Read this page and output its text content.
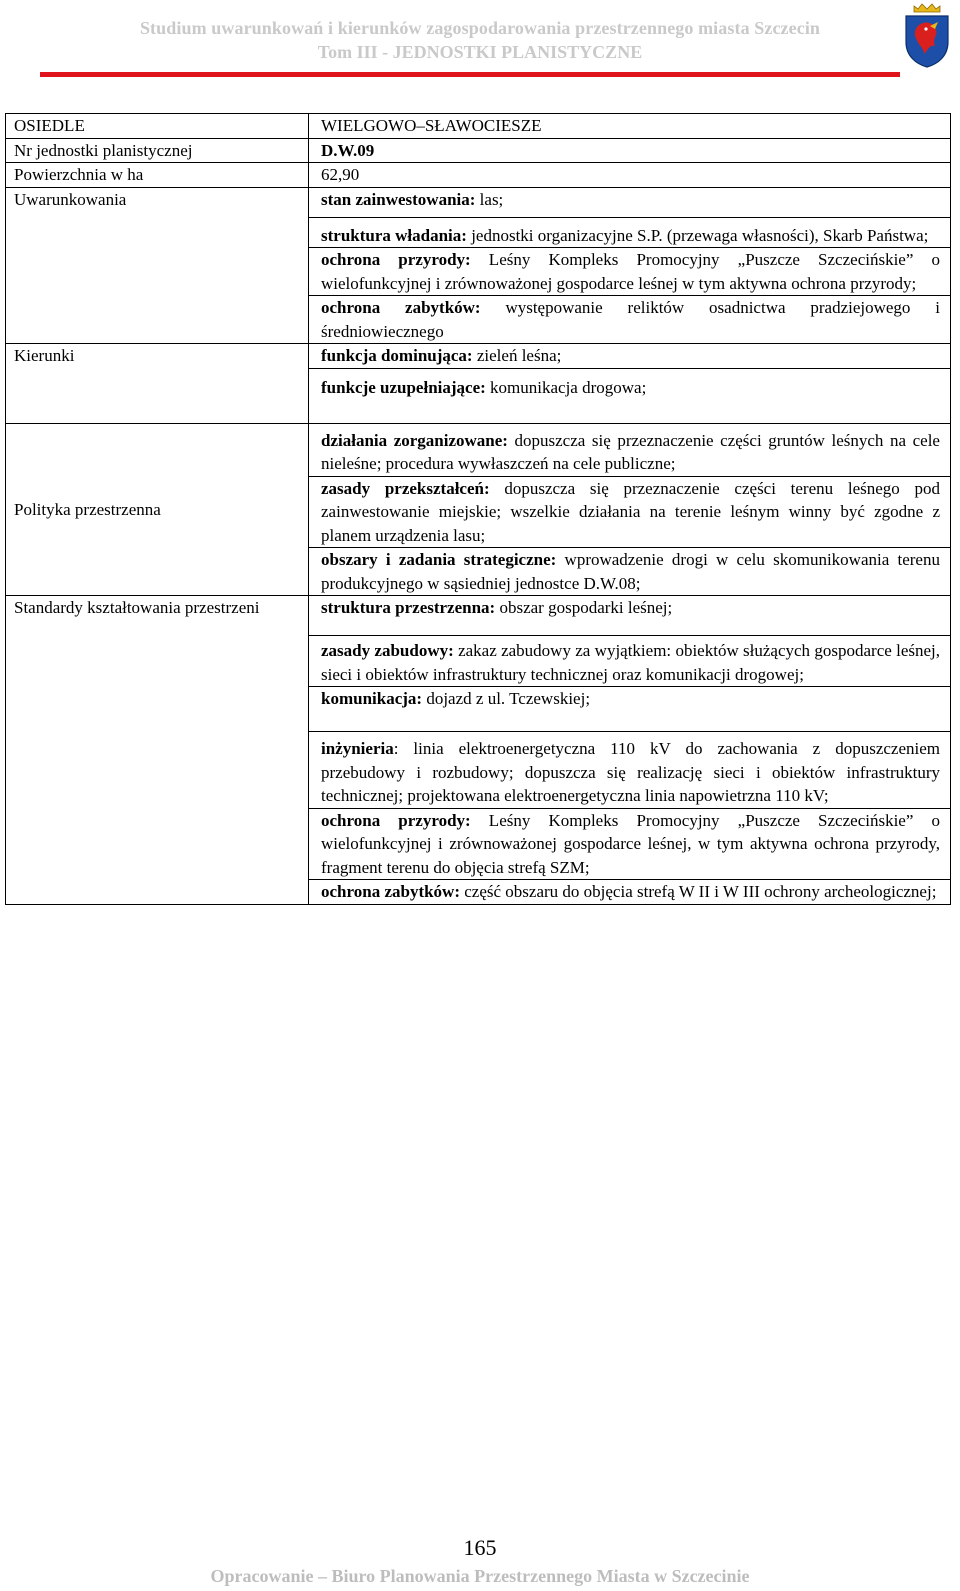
Studium uwarunkowań i kierunków zagospodarowania przestrzennego miasta Szczecin
Tom III - JEDNOSTKI PLANISTYCZNE
OSIEDLE	WIELGOWO–SŁAWOCIESZE
Nr jednostki planistycznej	D.W.09
Powierzchnia w ha	62,90
Uwarunkowania	stan zainwestowania: las;
	struktura władania: jednostki organizacyjne S.P. (przewaga własności), Skarb Państwa;
	ochrona przyrody: Leśny Kompleks Promocyjny „Puszcze Szczecińskie” o wielofunkcyjnej i zrównoważonej gospodarce leśnej w tym aktywna ochrona przyrody;
	ochrona zabytków: występowanie reliktów osadnictwa pradziejowego i średniowiecznego
Kierunki	funkcja dominująca: zieleń leśna;
	funkcje uzupełniające: komunikacja drogowa;
Polityka przestrzenna	działania zorganizowane: dopuszcza się przeznaczenie części gruntów leśnych na cele nieleśne; procedura wywłaszczeń na cele publiczne;
	zasady przekształceń: dopuszcza się przeznaczenie części terenu leśnego pod zainwestowanie miejskie; wszelkie działania na terenie leśnym winny być zgodne z planem urządzenia lasu;
	obszary i zadania strategiczne: wprowadzenie drogi w celu skomunikowania terenu produkcyjnego w sąsiedniej jednostce D.W.08;
Standardy kształtowania przestrzeni	struktura przestrzenna: obszar gospodarki leśnej;
	zasady zabudowy: zakaz zabudowy za wyjątkiem: obiektów służących gospodarce leśnej, sieci i obiektów infrastruktury technicznej oraz komunikacji drogowej;
	komunikacja: dojazd z ul. Tczewskiej;
	inżynieria: linia elektroenergetyczna 110 kV do zachowania z dopuszczeniem przebudowy i rozbudowy; dopuszcza się realizację sieci i obiektów infrastruktury technicznej; projektowana elektroenergetyczna linia napowietrzna 110 kV;
	ochrona przyrody: Leśny Kompleks Promocyjny „Puszcze Szczecińskie” o wielofunkcyjnej i zrównoważonej gospodarce leśnej, w tym aktywna ochrona przyrody, fragment terenu do objęcia strefą SZM;
	ochrona zabytków: część obszaru do objęcia strefą W II i W III ochrony archeologicznej;
165
Opracowanie – Biuro Planowania Przestrzennego Miasta w Szczecinie
